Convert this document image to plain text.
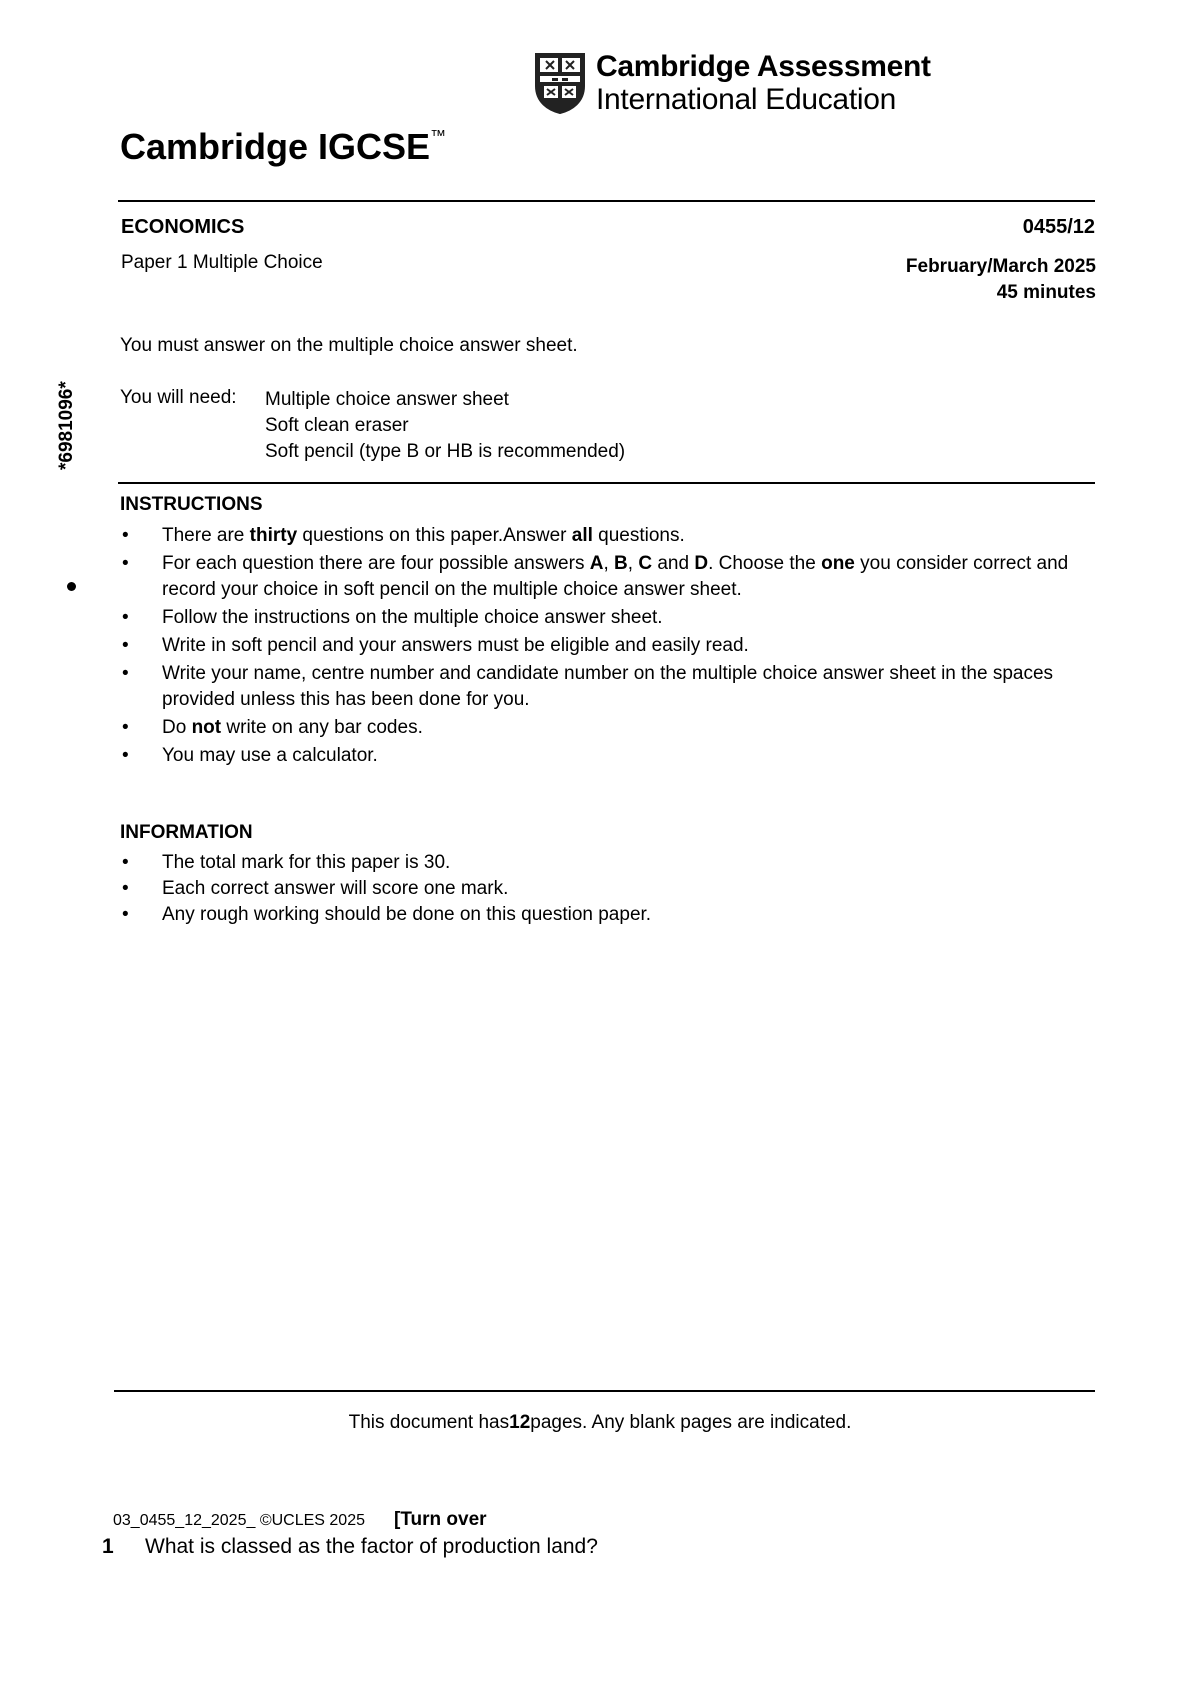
Cambridge Assessment
International Education
Cambridge IGCSE™
ECONOMICS	0455/12
Paper 1 Multiple Choice	February/March 2025
45 minutes
You must answer on the multiple choice answer sheet.
You will need: Multiple choice answer sheet
Soft clean eraser
Soft pencil (type B or HB is recommended)
*6981096*
INSTRUCTIONS
• There are thirty questions on this paper.Answer all questions.
• For each question there are four possible answers A, B, C and D. Choose the one you consider correct and record your choice in soft pencil on the multiple choice answer sheet.
• Follow the instructions on the multiple choice answer sheet.
• Write in soft pencil and your answers must be eligible and easily read.
• Write your name, centre number and candidate number on the multiple choice answer sheet in the spaces provided unless this has been done for you.
• Do not write on any bar codes.
• You may use a calculator.
INFORMATION
• The total mark for this paper is 30.
• Each correct answer will score one mark.
• Any rough working should be done on this question paper.
This document has12pages. Any blank pages are indicated.
03_0455_12_2025_ ©UCLES 2025 [Turn over
1 What is classed as the factor of production land?
